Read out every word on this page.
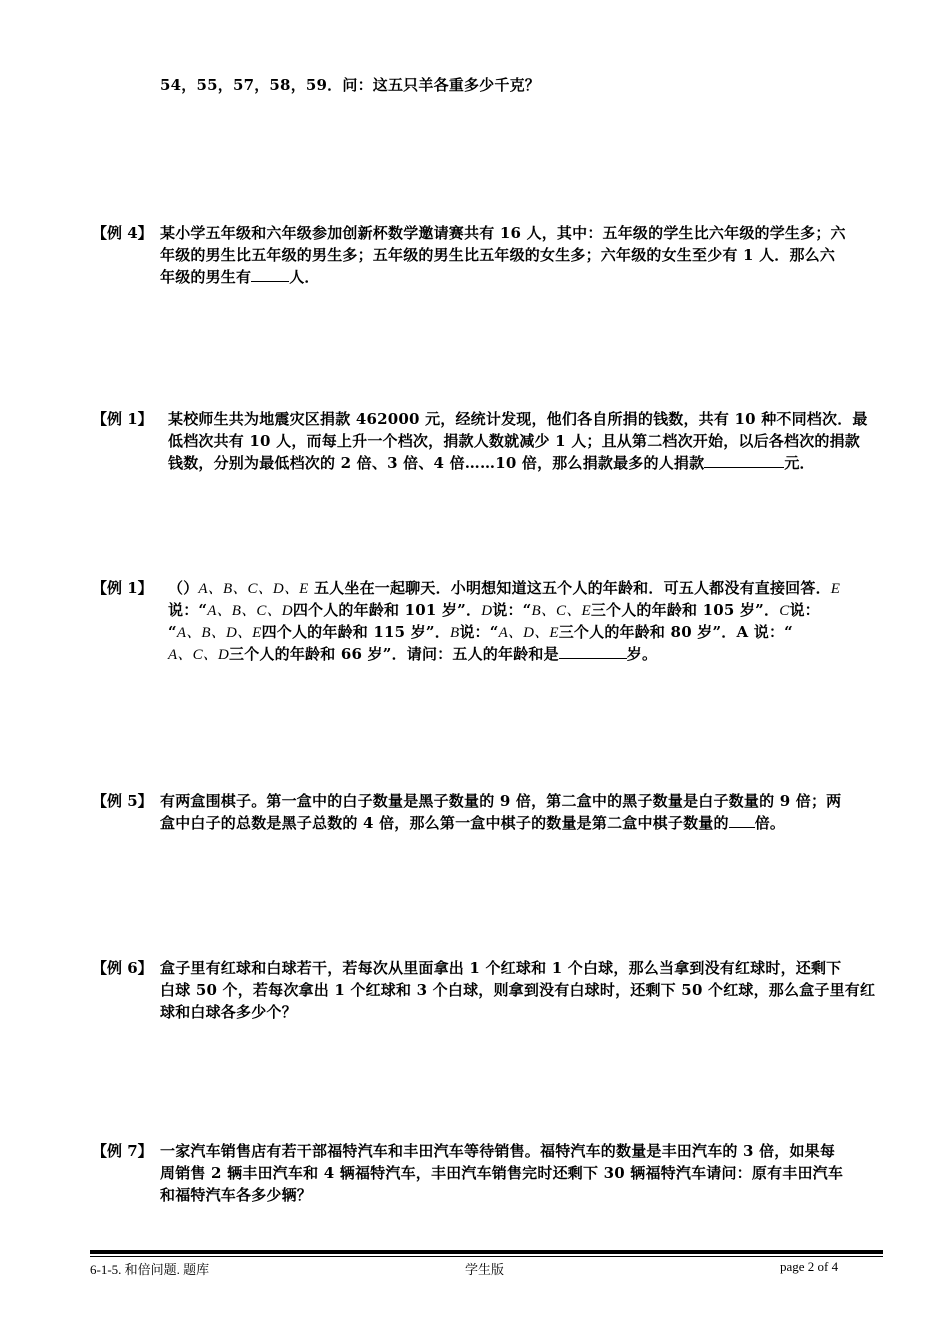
54，55，57，58，59．问：这五只羊各重多少千克？
【例 4】 某小学五年级和六年级参加创新杯数学邀请赛共有 16 人，其中：五年级的学生比六年级的学生多；六
年级的男生比五年级的男生多；五年级的男生比五年级的女生多；六年级的女生至少有 1 人．那么六
年级的男生有	人．
【例 1】 某校师生共为地震灾区捐款 462000 元，经统计发现，他们各自所捐的钱数，共有 10 种不同档次．最
低档次共有 10 人，而每上升一个档次，捐款人数就减少 1 人；且从第二档次开始，以后各档次的捐款
钱数，分别为最低档次的 2 倍、3 倍、4 倍……10 倍，那么捐款最多的人捐款	元．
【例 1】 （）A、B、C、D、E 五人坐在一起聊天．小明想知道这五个人的年龄和．可五人都没有直接回答．E
说：“A、B、C、D四个人的年龄和 101 岁”．D说：“B、C、E三个人的年龄和 105 岁”．C说：
“A、B、D、E四个人的年龄和 115 岁”．B说：“A、D、E三个人的年龄和 80 岁”．A 说：“
A、C、D三个人的年龄和 66 岁”．请问：五人的年龄和是	岁。
【例 5】 有两盒围棋子。第一盒中的白子数量是黑子数量的 9 倍，第二盒中的黑子数量是白子数量的 9 倍；两
盒中白子的总数是黑子总数的 4 倍，那么第一盒中棋子的数量是第二盒中棋子数量的 倍。
【例 6】 盒子里有红球和白球若干，若每次从里面拿出 1 个红球和 1 个白球，那么当拿到没有红球时，还剩下
白球 50 个，若每次拿出 1 个红球和 3 个白球，则拿到没有白球时，还剩下 50 个红球，那么盒子里有红
球和白球各多少个？
【例 7】 一家汽车销售店有若干部福特汽车和丰田汽车等待销售。福特汽车的数量是丰田汽车的 3 倍，如果每
周销售 2 辆丰田汽车和 4 辆福特汽车，丰田汽车销售完时还剩下 30 辆福特汽车请问：原有丰田汽车
和福特汽车各多少辆？
6-1-5. 和倍问题. 题库	学生版	page 2 of 4
